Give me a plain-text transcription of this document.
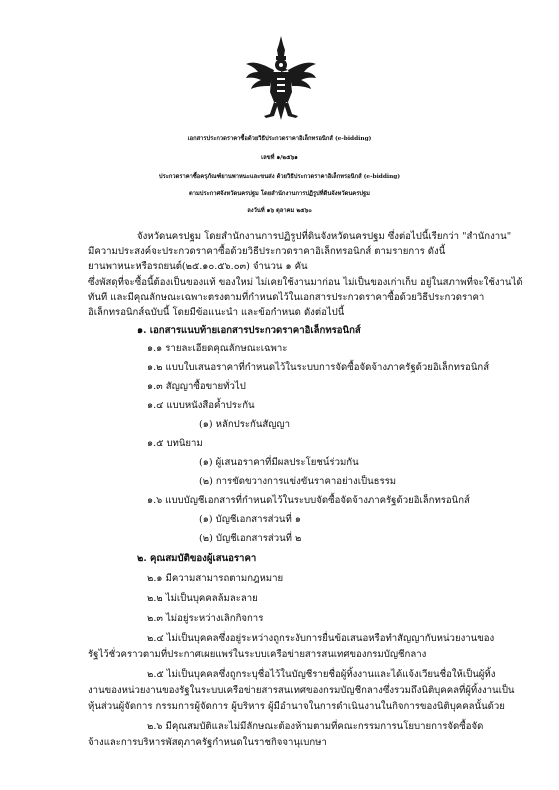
เอกสารประกวดราคาซื้อด้วยวิธีประกวดราคาอิเล็กทรอนิกส์ (e-bidding)
เลขที่ ๑/๒๕๖๑
ประกวดราคาซื้อครุภัณฑ์ยานพาหนะและขนส่ง ด้วยวิธีประกวดราคาอิเล็กทรอนิกส์ (e-bidding)
ตามประกาศจังหวัดนครปฐม โดยสำนักงานการปฏิรูปที่ดินจังหวัดนครปฐม
ลงวันที่ ๑๖ ตุลาคม ๒๕๖๐
จังหวัดนครปฐม โดยสำนักงานการปฏิรูปที่ดินจังหวัดนครปฐม ซึ่งต่อไปนี้เรียกว่า "สำนักงาน"
มีความประสงค์จะประกวดราคาซื้อด้วยวิธีประกวดราคาอิเล็กทรอนิกส์ ตามรายการ ดังนี้
ยานพาหนะหรือรถยนต์(๒๕.๑๐.๕๖.๐๓) จำนวน ๑ คัน
ซึ่งพัสดุที่จะซื้อนี้ต้องเป็นของแท้ ของใหม่ ไม่เคยใช้งานมาก่อน ไม่เป็นของเก่าเก็บ อยู่ในสภาพที่จะใช้งานได้
ทันที และมีคุณลักษณะเฉพาะตรงตามที่กำหนดไว้ในเอกสารประกวดราคาซื้อด้วยวิธีประกวดราคา
อิเล็กทรอนิกส์ฉบับนี้ โดยมีข้อแนะนำ และข้อกำหนด ดังต่อไปนี้
๑. เอกสารแนบท้ายเอกสารประกวดราคาอิเล็กทรอนิกส์
๑.๑ รายละเอียดคุณลักษณะเฉพาะ
๑.๒ แบบใบเสนอราคาที่กำหนดไว้ในระบบการจัดซื้อจัดจ้างภาครัฐด้วยอิเล็กทรอนิกส์
๑.๓ สัญญาซื้อขายทั่วไป
๑.๔ แบบหนังสือค้ำประกัน
(๑) หลักประกันสัญญา
๑.๕ บทนิยาม
(๑) ผู้เสนอราคาที่มีผลประโยชน์ร่วมกัน
(๒) การขัดขวางการแข่งขันราคาอย่างเป็นธรรม
๑.๖ แบบบัญชีเอกสารที่กำหนดไว้ในระบบจัดซื้อจัดจ้างภาครัฐด้วยอิเล็กทรอนิกส์
(๑) บัญชีเอกสารส่วนที่ ๑
(๒) บัญชีเอกสารส่วนที่ ๒
๒. คุณสมบัติของผู้เสนอราคา
๒.๑ มีความสามารถตามกฎหมาย
๒.๒ ไม่เป็นบุคคลล้มละลาย
๒.๓ ไม่อยู่ระหว่างเลิกกิจการ
๒.๔ ไม่เป็นบุคคลซึ่งอยู่ระหว่างถูกระงับการยื่นข้อเสนอหรือทำสัญญากับหน่วยงานของ
รัฐไว้ชั่วคราวตามที่ประกาศเผยแพร่ในระบบเครือข่ายสารสนเทศของกรมบัญชีกลาง
๒.๕ ไม่เป็นบุคคลซึ่งถูกระบุชื่อไว้ในบัญชีรายชื่อผู้ทิ้งงานและได้แจ้งเวียนชื่อให้เป็นผู้ทิ้ง
งานของหน่วยงานของรัฐในระบบเครือข่ายสารสนเทศของกรมบัญชีกลางซึ่งรวมถึงนิติบุคคลที่ผู้ทิ้งงานเป็น
หุ้นส่วนผู้จัดการ กรรมการผู้จัดการ ผู้บริหาร ผู้มีอำนาจในการดำเนินงานในกิจการของนิติบุคคลนั้นด้วย
๒.๖ มีคุณสมบัติและไม่มีลักษณะต้องห้ามตามที่คณะกรรมการนโยบายการจัดซื้อจัด
จ้างและการบริหารพัสดุภาครัฐกำหนดในราชกิจจานุเบกษา
